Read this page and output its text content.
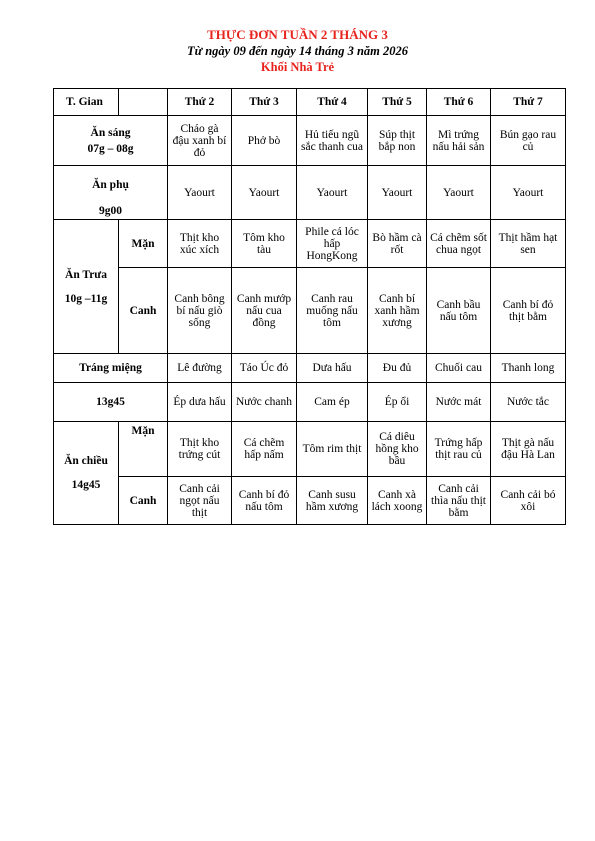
THỰC ĐƠN TUẦN 2 THÁNG 3
Từ ngày 09 đến ngày 14 tháng 3 năm 2026
Khối Nhà Trẻ
T. Gian		Thứ 2	Thứ 3	Thứ 4	Thứ 5	Thứ 6	Thứ 7

Ăn sáng
07g – 08g		Cháo gà đậu xanh bí đỏ	Phở bò	Hủ tiếu ngũ sắc thanh cua	Súp thịt bắp non	Mì trứng nấu hải sản	Bún gạo rau củ

Ăn phụ
9g00		Yaourt	Yaourt	Yaourt	Yaourt	Yaourt	Yaourt

Ăn Trưa
10g –11g	Mặn	Thịt kho xúc xích	Tôm kho tàu	Phile cá lóc hấp HongKong	Bò hầm cà rốt	Cá chẽm sốt chua ngọt	Thịt hầm hạt sen
	Canh	Canh bông bí nấu giò sống	Canh mướp nấu cua đồng	Canh rau muống nấu tôm	Canh bí xanh hầm xương	Canh bầu nấu tôm	Canh bí đỏ thịt bằm
Tráng miệng		Lê đường	Táo Úc đỏ	Dưa hấu	Đu đủ	Chuối cau	Thanh long
13g45		Ép dưa hấu	Nước chanh	Cam ép	Ép ổi	Nước mát	Nước tắc

Ăn chiều
14g45	Mặn	Thịt kho trứng cút	Cá chẽm hấp nấm	Tôm rim thịt	Cá diêu hồng kho bầu	Trứng hấp thịt rau củ	Thịt gà nấu đậu Hà Lan
	Canh	Canh cải ngọt nấu thịt	Canh bí đỏ nấu tôm	Canh susu hầm xương	Canh xà lách xoong	Canh cải thìa nấu thịt bằm	Canh cải bó xôi
